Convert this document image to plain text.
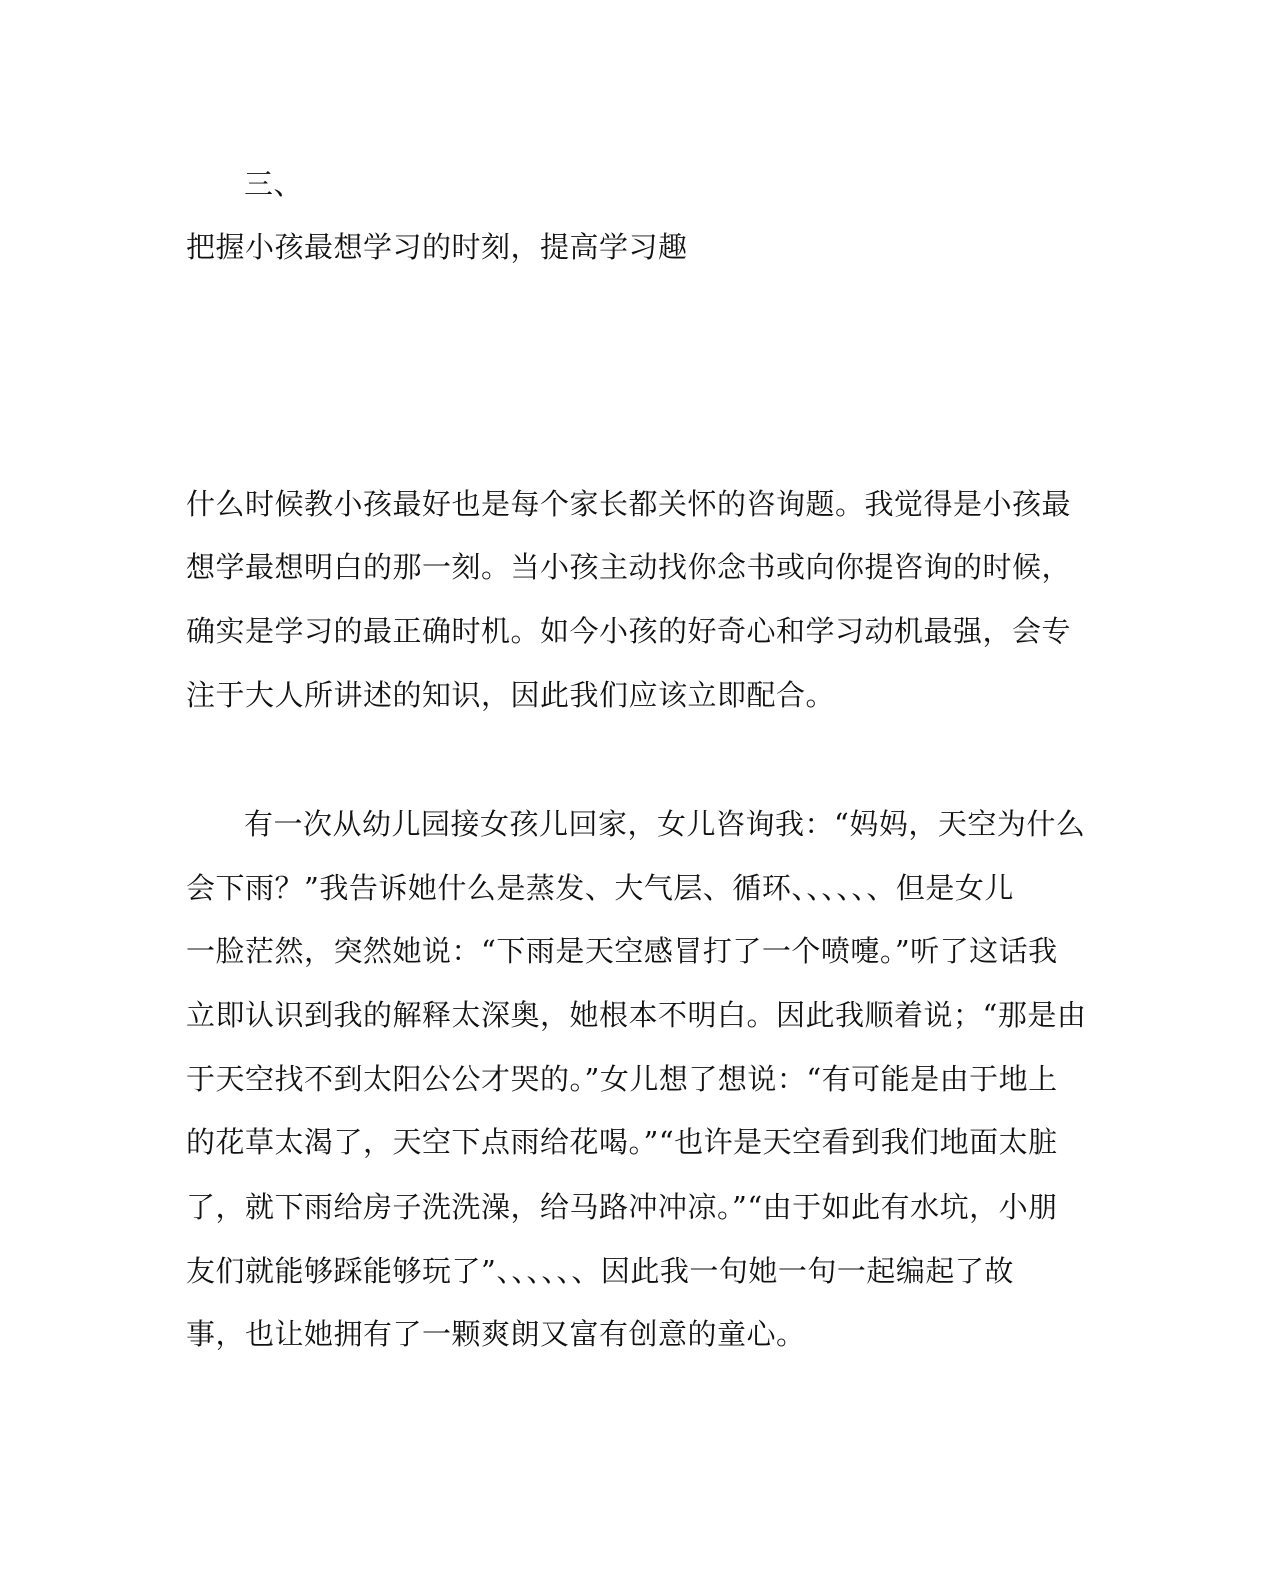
三、
把握小孩最想学习的时刻，提高学习趣
什么时候教小孩最好也是每个家长都关怀的咨询题。我觉得是小孩最
想学最想明白的那一刻。当小孩主动找你念书或向你提咨询的时候，
确实是学习的最正确时机。如今小孩的好奇心和学习动机最强，会专
注于大人所讲述的知识，因此我们应该立即配合。
有一次从幼儿园接女孩儿回家，女儿咨询我：“妈妈，天空为什么
会下雨？”我告诉她什么是蒸发、大气层、循环、、、、、、但是女儿
一脸茫然，突然她说：“下雨是天空感冒打了一个喷嚏。”听了这话我
立即认识到我的解释太深奥，她根本不明白。因此我顺着说；“那是由
于天空找不到太阳公公才哭的。”女儿想了想说：“有可能是由于地上
的花草太渴了，天空下点雨给花喝。”“也许是天空看到我们地面太脏
了，就下雨给房子洗洗澡，给马路冲冲凉。”“由于如此有水坑，小朋
友们就能够踩能够玩了”、、、、、、因此我一句她一句一起编起了故
事，也让她拥有了一颗爽朗又富有创意的童心。
